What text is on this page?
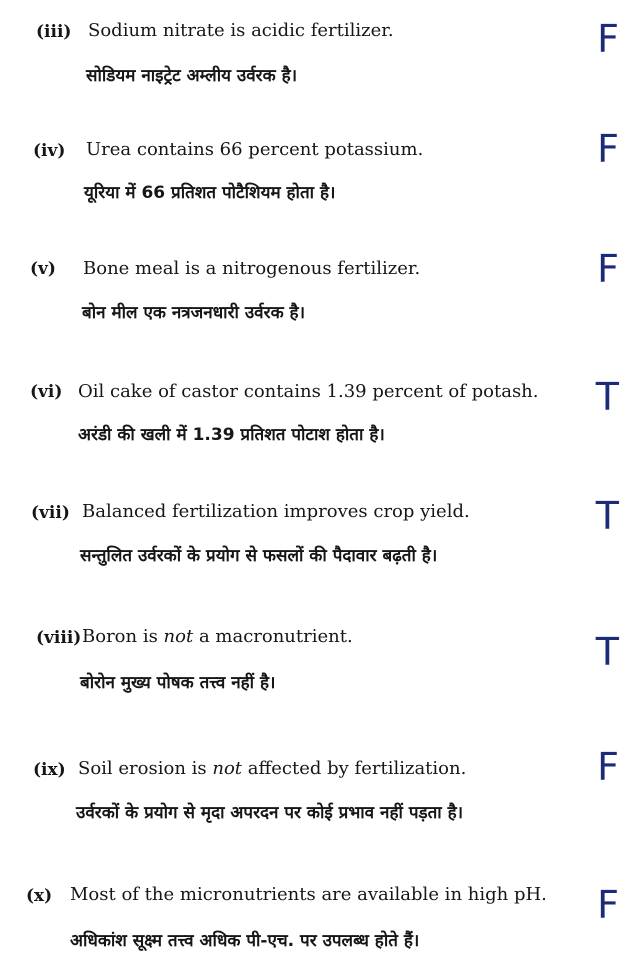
(iii) Sodium nitrate is acidic fertilizer.
सोडियम नाइट्रेट अम्लीय उर्वरक है।
F
(iv) Urea contains 66 percent potassium.
यूरिया में 66 प्रतिशत पोटैशियम होता है।
F
(v) Bone meal is a nitrogenous fertilizer.
बोन मील एक नत्रजनधारी उर्वरक है।
F
(vi) Oil cake of castor contains 1.39 percent of potash.
अरंडी की खली में 1.39 प्रतिशत पोटाश होता है।
T
(vii) Balanced fertilization improves crop yield.
सन्तुलित उर्वरकों के प्रयोग से फसलों की पैदावार बढ़ती है।
T
(viii) Boron is not a macronutrient.
बोरोन मुख्य पोषक तत्त्व नहीं है।
T
(ix) Soil erosion is not affected by fertilization.
उर्वरकों के प्रयोग से मृदा अपरदन पर कोई प्रभाव नहीं पड़ता है।
F
(x) Most of the micronutrients are available in high pH.
अधिकांश सूक्ष्म तत्त्व अधिक पी-एच. पर उपलब्ध होते हैं।
F
